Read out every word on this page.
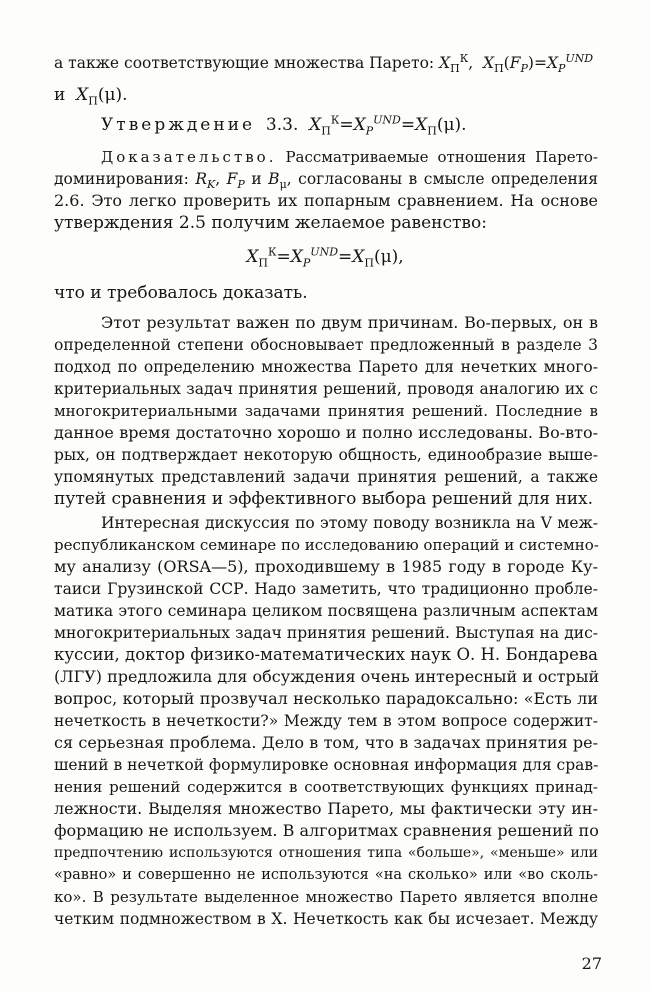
а также соответствующие множества Парето: $X_П^К$,  $X_П(F_P)=X_P^{UND}$
и $X_П(\mu)$.
Утверждение 3.3. $X_П^К=X_P^{UND}=X_П(\mu)$.
Доказательство. Рассматриваемые отношения Парето-
доминирования: $R_K$, $F_P$ и $B_\mu$, согласованы в смысле определения
2.6. Это легко проверить их попарным сравнением. На основе
утверждения 2.5 получим желаемое равенство:
$X_П^К=X_P^{UND}=X_П(\mu)$,
что и требовалось доказать.
Этот результат важен по двум причинам. Во-первых, он в
определенной степени обосновывает предложенный в разделе 3
подход по определению множества Парето для нечетких много-
критериальных задач принятия решений, проводя аналогию их с
многокритериальными задачами принятия решений. Последние в
данное время достаточно хорошо и полно исследованы. Во-вто-
рых, он подтверждает некоторую общность, единообразие выше-
упомянутых представлений задачи принятия решений, а также
путей сравнения и эффективного выбора решений для них.
Интересная дискуссия по этому поводу возникла на V меж-
республиканском семинаре по исследованию операций и системно-
му анализу (ORSA—5), проходившему в 1985 году в городе Ку-
таиси Грузинской ССР. Надо заметить, что традиционно пробле-
матика этого семинара целиком посвящена различным аспектам
многокритериальных задач принятия решений. Выступая на дис-
куссии, доктор физико-математических наук О. Н. Бондарева
(ЛГУ) предложила для обсуждения очень интересный и острый
вопрос, который прозвучал несколько парадоксально: «Есть ли
нечеткость в нечеткости?» Между тем в этом вопросе содержит-
ся серьезная проблема. Дело в том, что в задачах принятия ре-
шений в нечеткой формулировке основная информация для срав-
нения решений содержится в соответствующих функциях принад-
лежности. Выделяя множество Парето, мы фактически эту ин-
формацию не используем. В алгоритмах сравнения решений по
предпочтению используются отношения типа «больше», «меньше» или
«равно» и совершенно не используются «на сколько» или «во сколь-
ко». В результате выделенное множество Парето является вполне
четким подмножеством в X. Нечеткость как бы исчезает. Между
27
